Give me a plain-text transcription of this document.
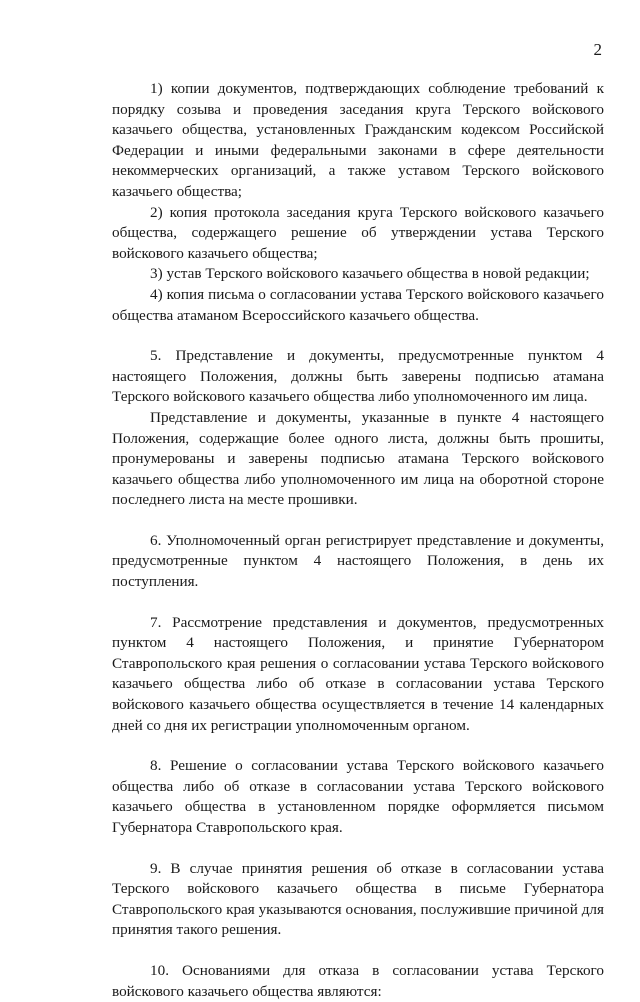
2

1) копии документов, подтверждающих соблюдение требований к порядку созыва и проведения заседания круга Терского войскового казачьего общества, установленных Гражданским кодексом Российской Федерации и иными федеральными законами в сфере деятельности некоммерческих организаций, а также уставом Терского войскового казачьего общества;

2) копия протокола заседания круга Терского войскового казачьего общества, содержащего решение об утверждении устава Терского войскового казачьего общества;

3) устав Терского войскового казачьего общества в новой редакции;

4) копия письма о согласовании устава Терского войскового казачьего общества атаманом Всероссийского казачьего общества.

5. Представление и документы, предусмотренные пунктом 4 настоящего Положения, должны быть заверены подписью атамана Терского войскового казачьего общества либо уполномоченного им лица.

Представление и документы, указанные в пункте 4 настоящего Положения, содержащие более одного листа, должны быть прошиты, пронумерованы и заверены подписью атамана Терского войскового казачьего общества либо уполномоченного им лица на оборотной стороне последнего листа на месте прошивки.

6. Уполномоченный орган регистрирует представление и документы, предусмотренные пунктом 4 настоящего Положения, в день их поступления.

7. Рассмотрение представления и документов, предусмотренных пунктом 4 настоящего Положения, и принятие Губернатором Ставропольского края решения о согласовании устава Терского войскового казачьего общества либо об отказе в согласовании устава Терского войскового казачьего общества осуществляется в течение 14 календарных дней со дня их регистрации уполномоченным органом.

8. Решение о согласовании устава Терского войскового казачьего общества либо об отказе в согласовании устава Терского войскового казачьего общества в установленном порядке оформляется письмом Губернатора Ставропольского края.

9. В случае принятия решения об отказе в согласовании устава Терского войскового казачьего общества в письме Губернатора Ставропольского края указываются основания, послужившие причиной для принятия такого решения.

10. Основаниями для отказа в согласовании устава Терского войскового казачьего общества являются:
